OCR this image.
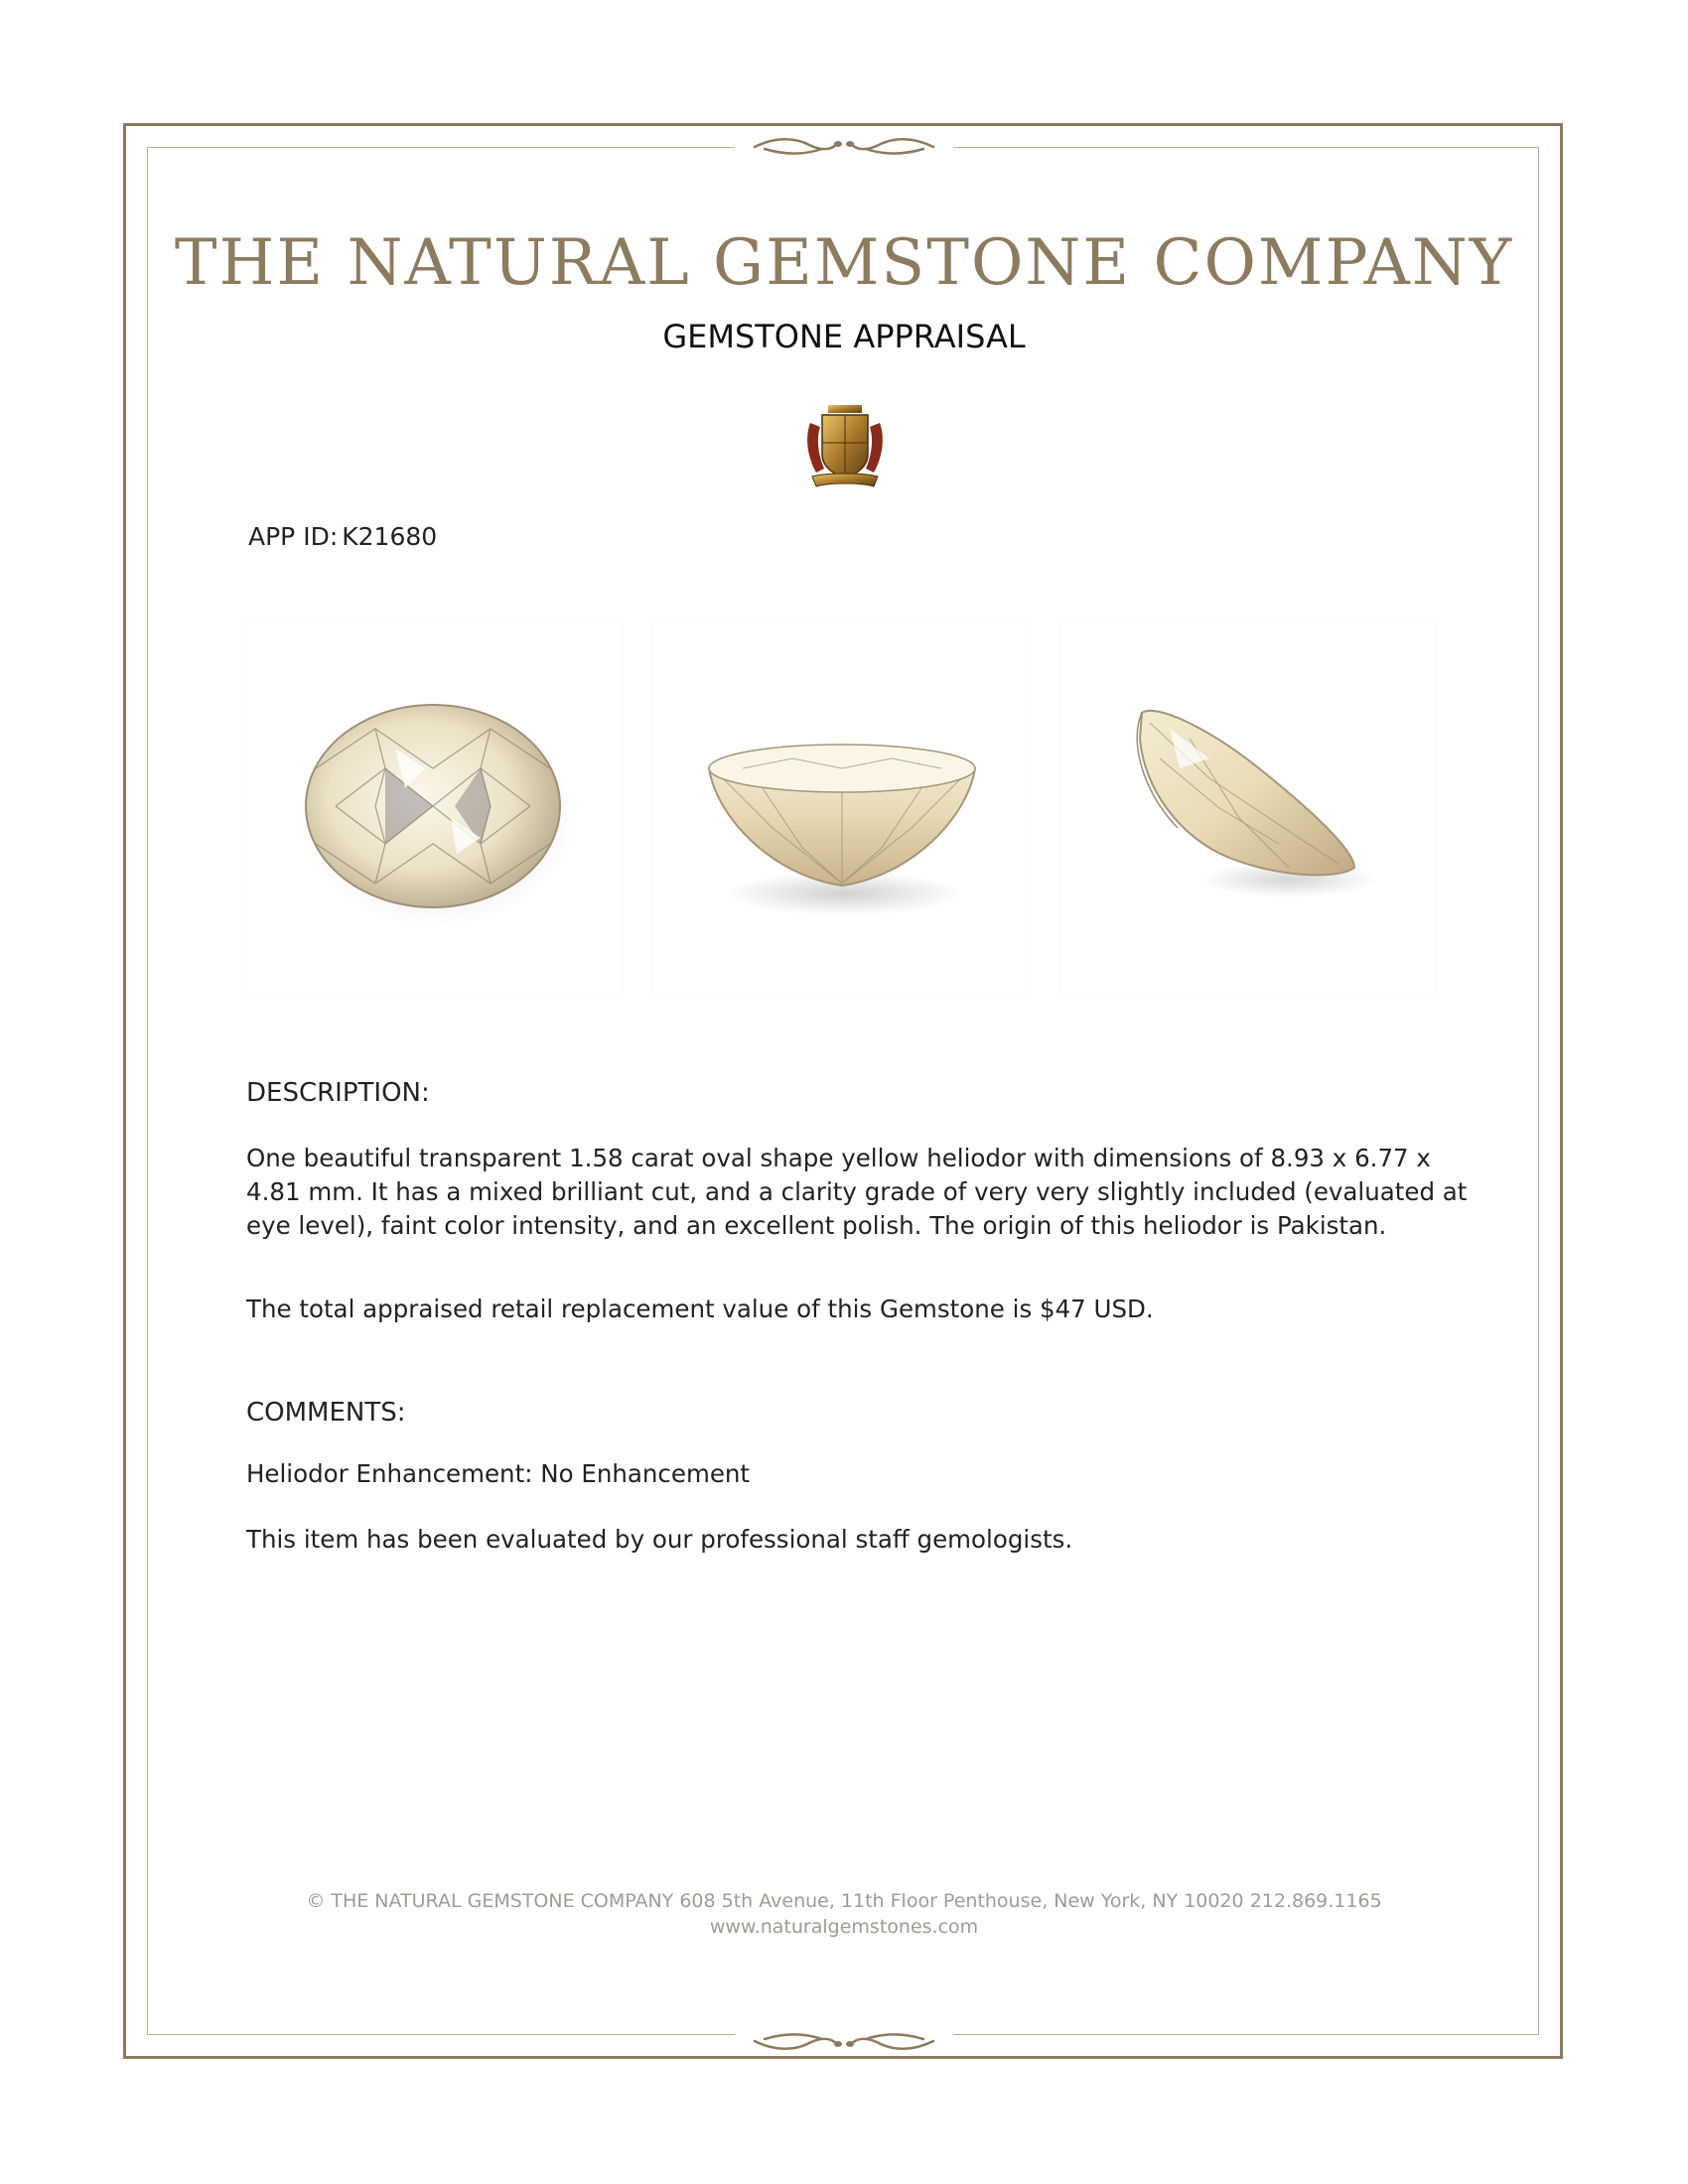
THE NATURAL GEMSTONE COMPANY
GEMSTONE APPRAISAL
APP ID: K21680
DESCRIPTION:

One beautiful transparent 1.58 carat oval shape yellow heliodor with dimensions of 8.93 x 6.77 x 4.81 mm. It has a mixed brilliant cut, and a clarity grade of very very slightly included (evaluated at eye level), faint color intensity, and an excellent polish. The origin of this heliodor is Pakistan.

The total appraised retail replacement value of this Gemstone is $47 USD.

COMMENTS:

Heliodor Enhancement: No Enhancement

This item has been evaluated by our professional staff gemologists.

© THE NATURAL GEMSTONE COMPANY 608 5th Avenue, 11th Floor Penthouse, New York, NY 10020 212.869.1165

www.naturalgemstones.com
